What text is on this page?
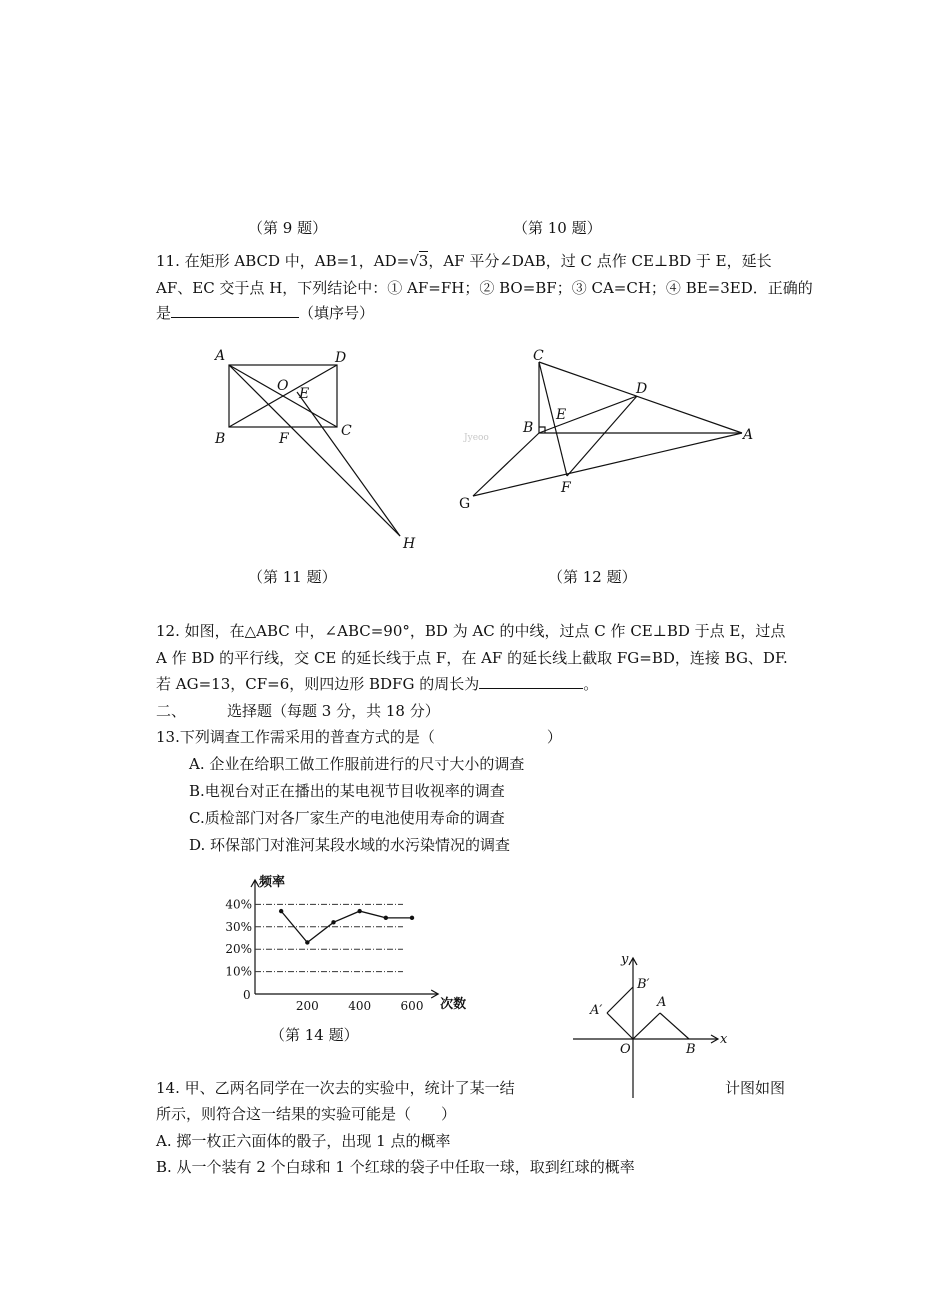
（第 9 题）	（第 10 题）
11. 在矩形 ABCD 中，AB=1，AD=√3，AF 平分∠DAB，过 C 点作 CE⊥BD 于 E，延长
AF、EC 交于点 H，下列结论中：① AF=FH；② BO=BF；③ CA=CH；④ BE=3ED．正确的
是	（填序号）
A	D
O E
B	F	C
H
Jyeoo
C
D
E
B	A
F
G
（第 11 题）	（第 12 题）
12. 如图，在△ABC 中，∠ABC=90°，BD 为 AC 的中线，过点 C 作 CE⊥BD 于点 E，过点
A 作 BD 的平行线，交 CE 的延长线于点 F，在 AF 的延长线上截取 FG=BD，连接 BG、DF.
若 AG=13，CF=6，则四边形 BDFG 的周长为	。
二、	选择题（每题 3 分，共 18 分）
13.下列调查工作需采用的普查方式的是（	）
A. 企业在给职工做工作服前进行的尺寸大小的调查
B.电视台对正在播出的某电视节目收视率的调查
C.质检部门对各厂家生产的电池使用寿命的调查
D. 环保部门对淮河某段水域的水污染情况的调查
10%
20%
30%
40%
0
200 400 600
频率
次数
（第 14 题）
y
x
O
B′
A′
A
B
14. 甲、乙两名同学在一次去的实验中，统计了某一结	计图如图
所示，则符合这一结果的实验可能是（　　）
A. 掷一枚正六面体的骰子，出现 1 点的概率
B. 从一个装有 2 个白球和 1 个红球的袋子中任取一球，取到红球的概率
